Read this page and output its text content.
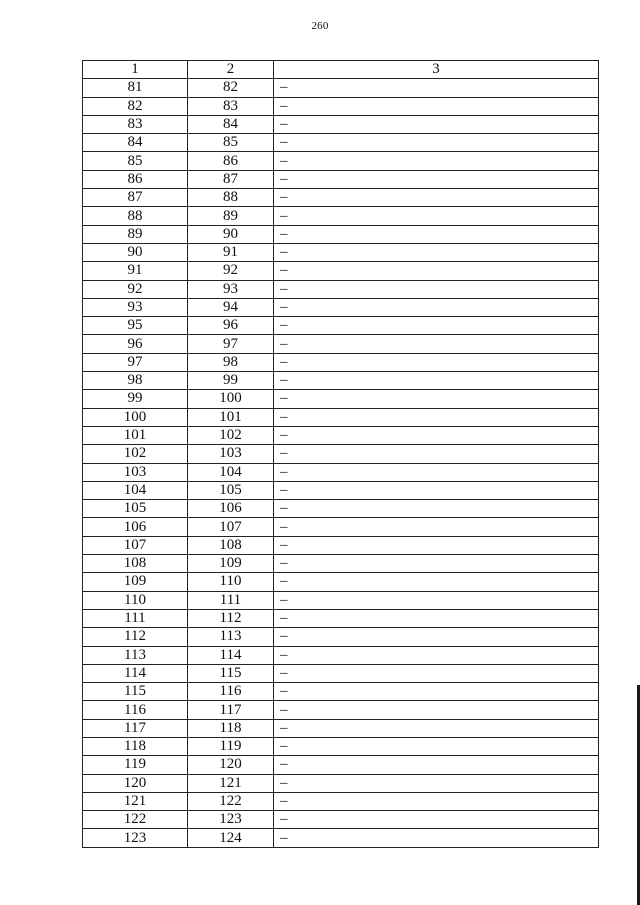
260
1	2	3
81	82	–
82	83	–
83	84	–
84	85	–
85	86	–
86	87	–
87	88	–
88	89	–
89	90	–
90	91	–
91	92	–
92	93	–
93	94	–
95	96	–
96	97	–
97	98	–
98	99	–
99	100	–
100	101	–
101	102	–
102	103	–
103	104	–
104	105	–
105	106	–
106	107	–
107	108	–
108	109	–
109	110	–
110	111	–
111	112	–
112	113	–
113	114	–
114	115	–
115	116	–
116	117	–
117	118	–
118	119	–
119	120	–
120	121	–
121	122	–
122	123	–
123	124	–
